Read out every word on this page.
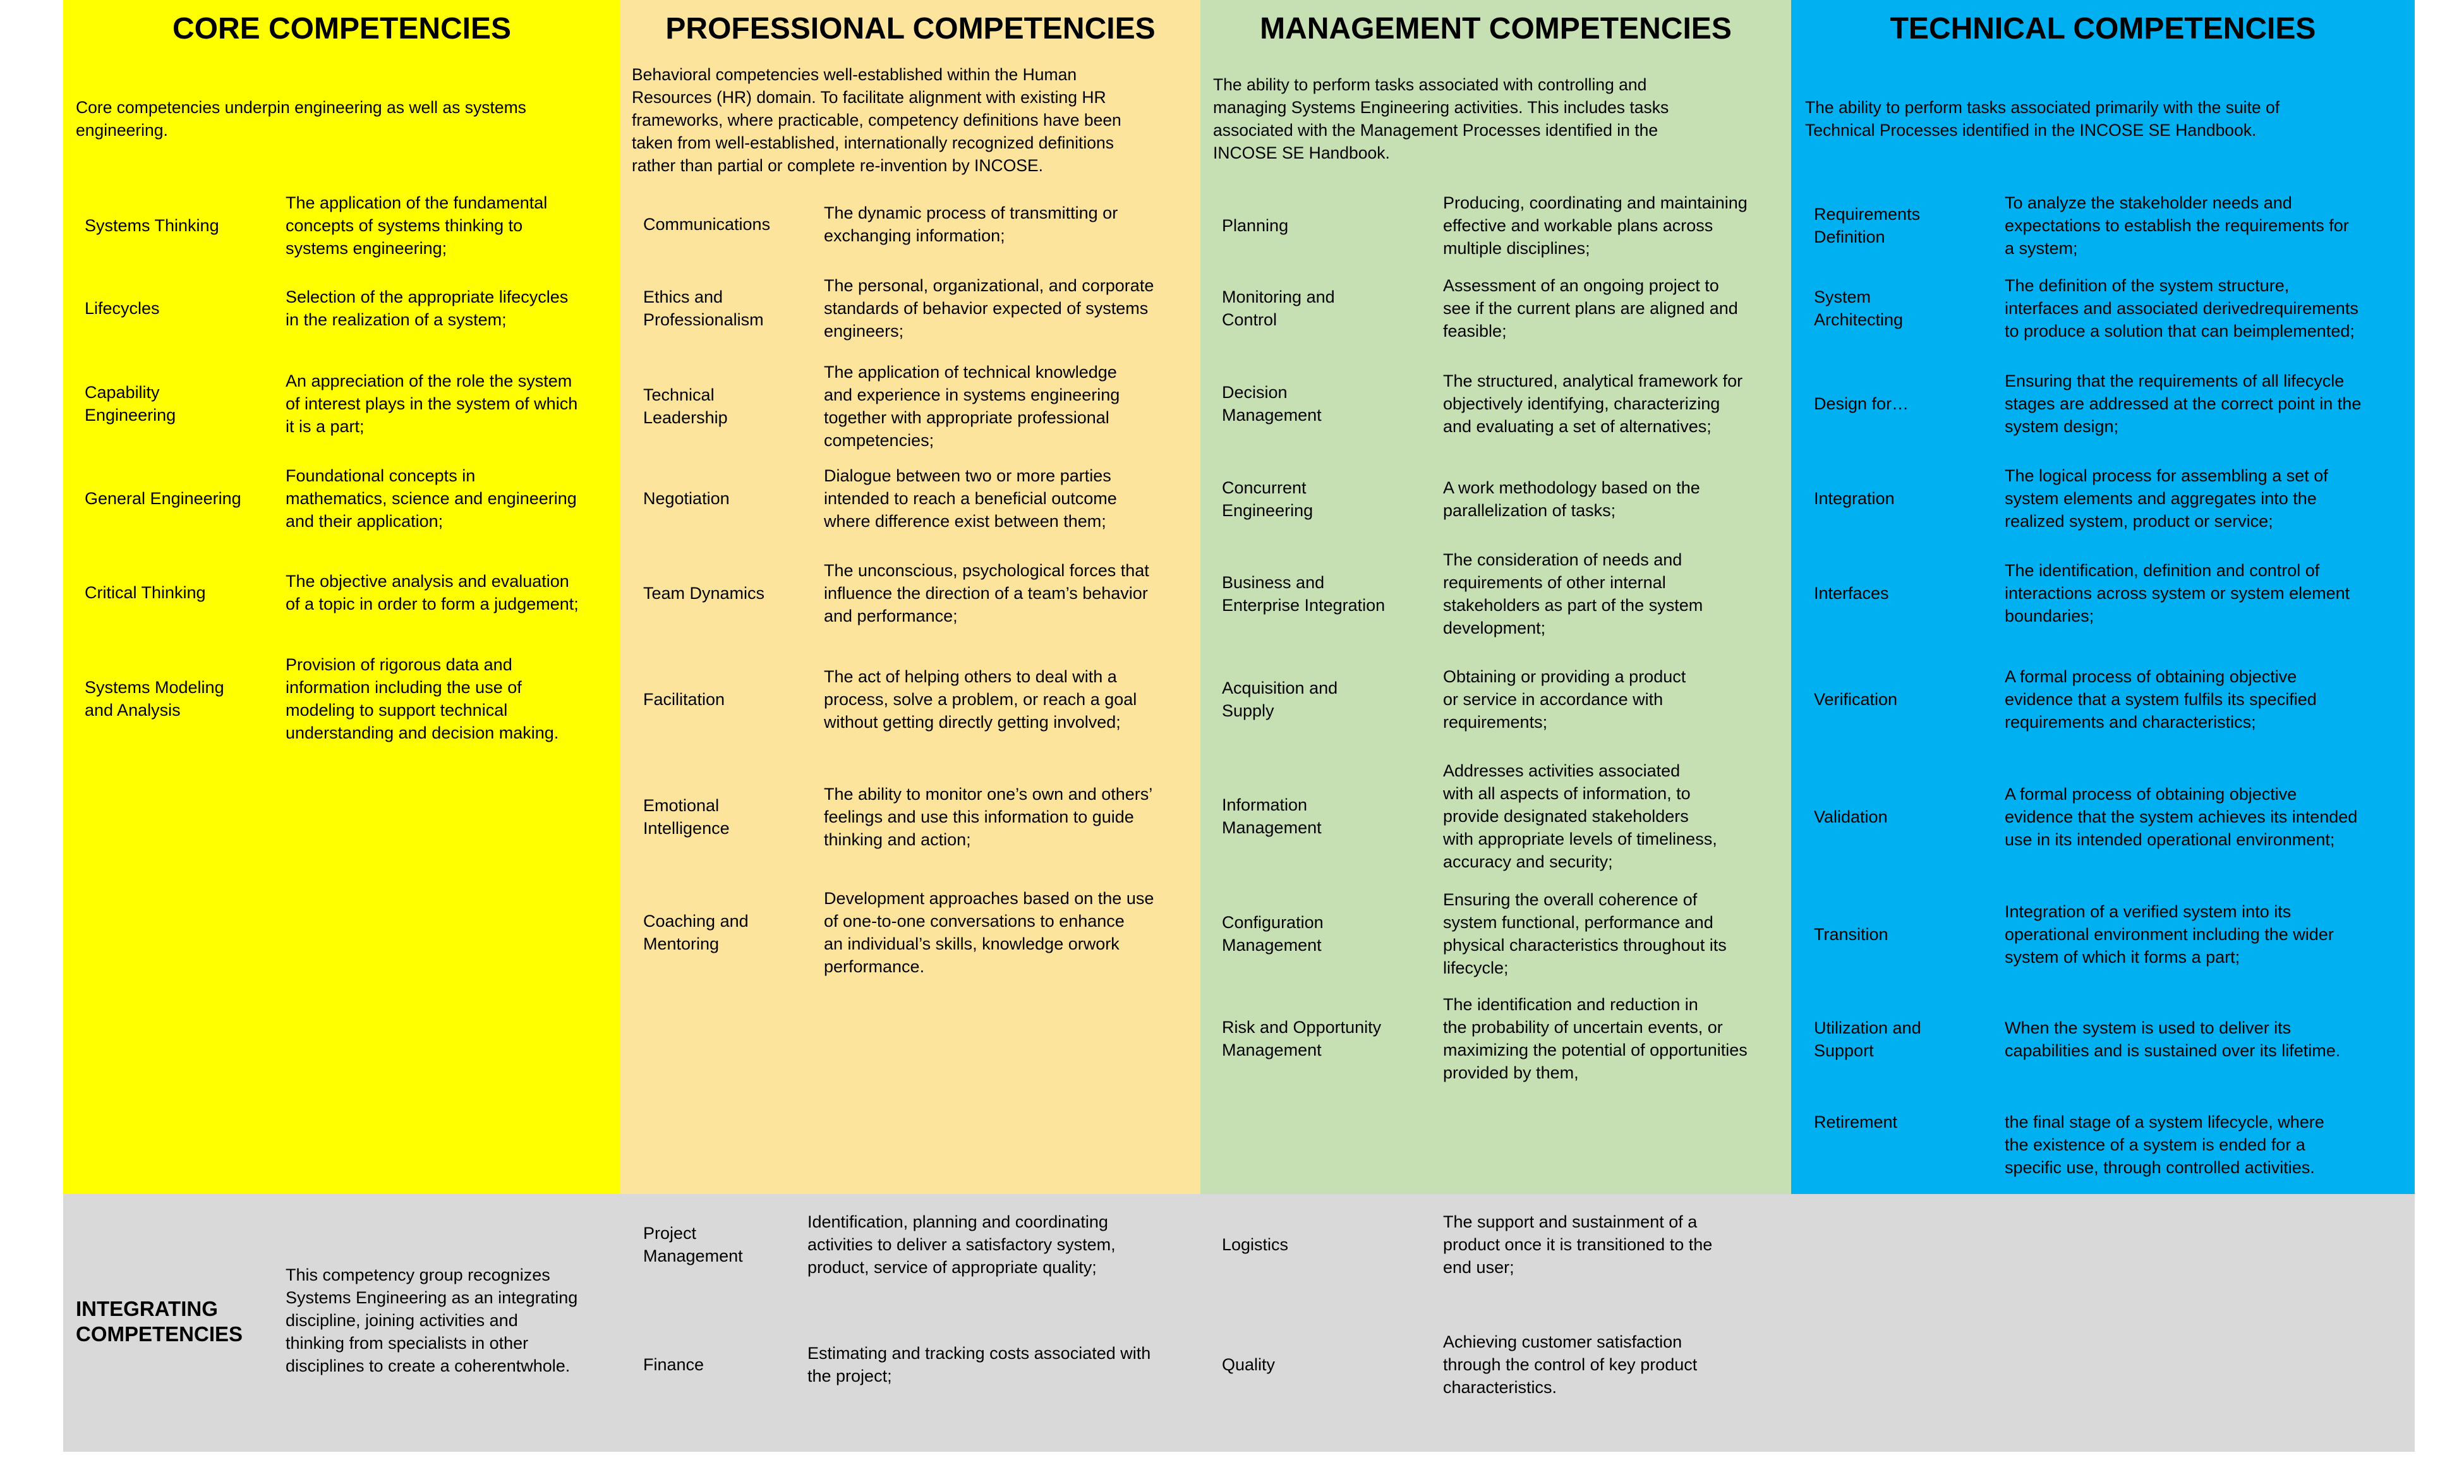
CORE COMPETENCIES
Core competencies underpin engineering as well as systems
engineering.
Systems Thinking
The application of the fundamental
concepts of systems thinking to
systems engineering;
Lifecycles
Selection of the appropriate lifecycles
in the realization of a system;
Capability
Engineering
An appreciation of the role the system
of interest plays in the system of which
it is a part;
General Engineering
Foundational concepts in
mathematics, science and engineering
and their application;
Critical Thinking
The objective analysis and evaluation
of a topic in order to form a judgement;
Systems Modeling
and Analysis
Provision of rigorous data and
information including the use of
modeling to support technical
understanding and decision making.
PROFESSIONAL COMPETENCIES
Behavioral competencies well-established within the Human
Resources (HR) domain. To facilitate alignment with existing HR
frameworks, where practicable, competency definitions have been
taken from well-established, internationally recognized definitions
rather than partial or complete re-invention by INCOSE.
Communications
The dynamic process of transmitting or
exchanging information;
Ethics and
Professionalism
The personal, organizational, and corporate
standards of behavior expected of systems
engineers;
Technical
Leadership
The application of technical knowledge
and experience in systems engineering
together with appropriate professional
competencies;
Negotiation
Dialogue between two or more parties
intended to reach a beneficial outcome
where difference exist between them;
Team Dynamics
The unconscious, psychological forces that
influence the direction of a team’s behavior
and performance;
Facilitation
The act of helping others to deal with a
process, solve a problem, or reach a goal
without getting directly getting involved;
Emotional
Intelligence
The ability to monitor one’s own and others’
feelings and use this information to guide
thinking and action;
Coaching and
Mentoring
Development approaches based on the use
of one-to-one conversations to enhance
an individual’s skills, knowledge orwork
performance.
MANAGEMENT COMPETENCIES
The ability to perform tasks associated with controlling and
managing Systems Engineering activities. This includes tasks
associated with the Management Processes identified in the
INCOSE SE Handbook.
Planning
Producing, coordinating and maintaining
effective and workable plans across
multiple disciplines;
Monitoring and
Control
Assessment of an ongoing project to
see if the current plans are aligned and
feasible;
Decision
Management
The structured, analytical framework for
objectively identifying, characterizing
and evaluating a set of alternatives;
Concurrent
Engineering
A work methodology based on the
parallelization of tasks;
Business and
Enterprise Integration
The consideration of needs and
requirements of other internal
stakeholders as part of the system
development;
Acquisition and
Supply
Obtaining or providing a product
or service in accordance with
requirements;
Information
Management
Addresses activities associated
with all aspects of information, to
provide designated stakeholders
with appropriate levels of timeliness,
accuracy and security;
Configuration
Management
Ensuring the overall coherence of
system functional, performance and
physical characteristics throughout its
lifecycle;
Risk and Opportunity
Management
The identification and reduction in
the probability of uncertain events, or
maximizing the potential of opportunities
provided by them,
TECHNICAL COMPETENCIES
The ability to perform tasks associated primarily with the suite of
Technical Processes identified in the INCOSE SE Handbook.
Requirements
Definition
To analyze the stakeholder needs and
expectations to establish the requirements for
a system;
System
Architecting
The definition of the system structure,
interfaces and associated derivedrequirements
to produce a solution that can beimplemented;
Design for…
Ensuring that the requirements of all lifecycle
stages are addressed at the correct point in the
system design;
Integration
The logical process for assembling a set of
system elements and aggregates into the
realized system, product or service;
Interfaces
The identification, definition and control of
interactions across system or system element
boundaries;
Verification
A formal process of obtaining objective
evidence that a system fulfils its specified
requirements and characteristics;
Validation
A formal process of obtaining objective
evidence that the system achieves its intended
use in its intended operational environment;
Transition
Integration of a verified system into its
operational environment including the wider
system of which it forms a part;
Utilization and
Support
When the system is used to deliver its
capabilities and is sustained over its lifetime.
Retirement	the final stage of a system lifecycle, where
the existence of a system is ended for a
specific use, through controlled activities.
INTEGRATING
COMPETENCIES
This competency group recognizes
Systems Engineering as an integrating
discipline, joining activities and
thinking from specialists in other
disciplines to create a coherentwhole.
Project
Management
Identification, planning and coordinating
activities to deliver a satisfactory system,
product, service of appropriate quality;
Finance
Estimating and tracking costs associated with
the project;
Logistics
The support and sustainment of a
product once it is transitioned to the
end user;
Quality
Achieving customer satisfaction
through the control of key product
characteristics.
